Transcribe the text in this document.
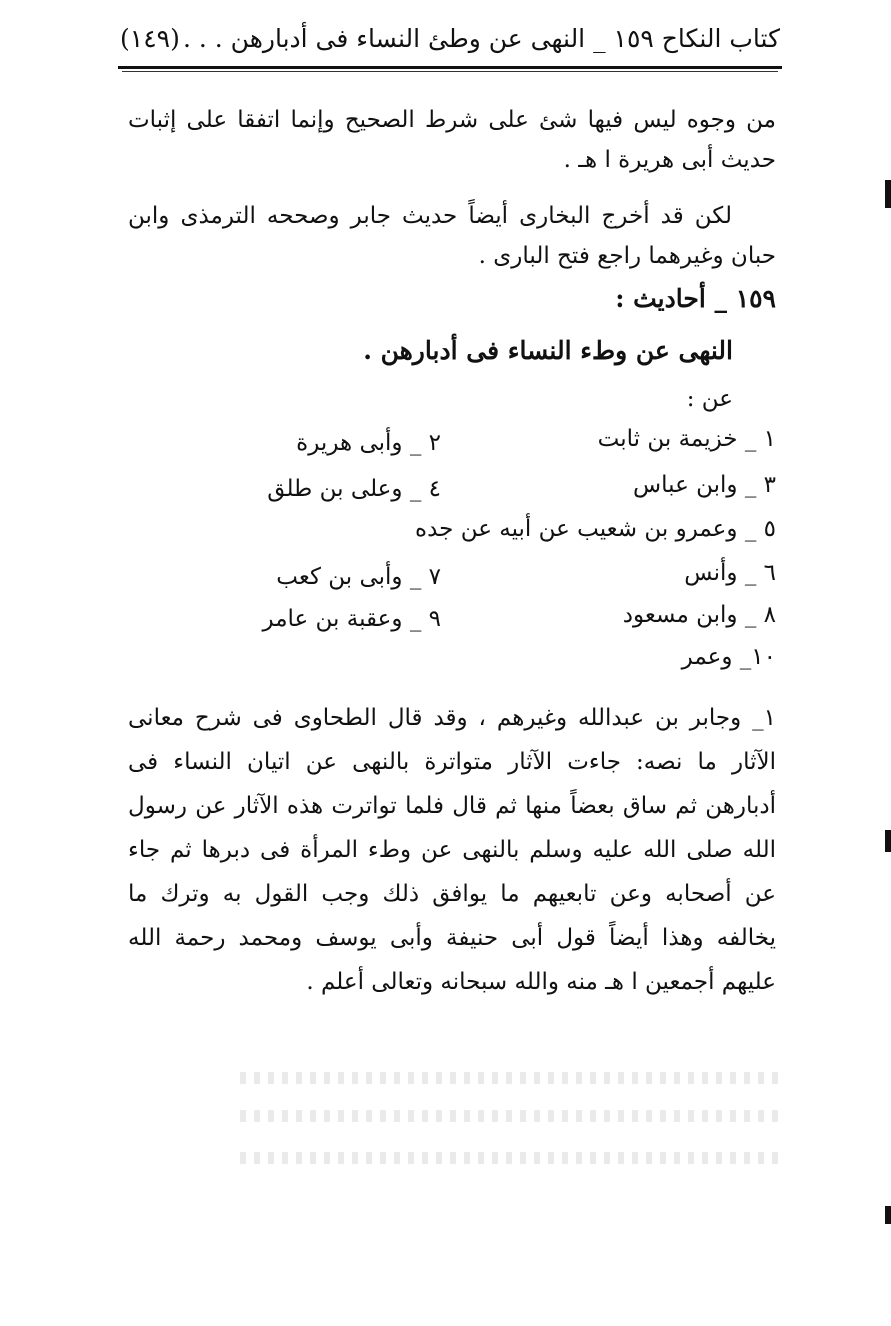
كتاب النكاح ١٥٩ _ النهى عن وطئ النساء فى أدبارهن . . .
(١٤٩)
من وجوه ليس فيها شئ على شرط الصحيح وإنما اتفقا على إثبات حديث أبى هريرة ا هـ .
لكن قد أخرج البخارى أيضاً حديث جابر وصححه الترمذى وابن حبان وغيرهما راجع فتح البارى .
١٥٩ _ أحاديث :
النهى عن وطء النساء فى أدبارهن .
عن :
١ _ خزيمة بن ثابت
٢ _ وأبى هريرة
٣ _ وابن عباس
٤ _ وعلى بن طلق
٥ _ وعمرو بن شعيب عن أبيه عن جده
٦ _ وأنس
٧ _ وأبى بن كعب
٨ _ وابن مسعود
٩ _ وعقبة بن عامر
١٠_ وعمر
١_ وجابر بن عبدالله وغيرهم ، وقد قال الطحاوى فى شرح معانى الآثار ما نصه: جاءت الآثار متواترة بالنهى عن اتيان النساء فى أدبارهن ثم ساق بعضاً منها ثم قال فلما تواترت هذه الآثار عن رسول الله صلى الله عليه وسلم بالنهى عن وطء المرأة فى دبرها ثم جاء عن أصحابه وعن تابعيهم ما يوافق ذلك وجب القول به وترك ما يخالفه وهذا أيضاً قول أبى حنيفة وأبى يوسف ومحمد رحمة الله عليهم أجمعين ا هـ منه والله سبحانه وتعالى أعلم .
